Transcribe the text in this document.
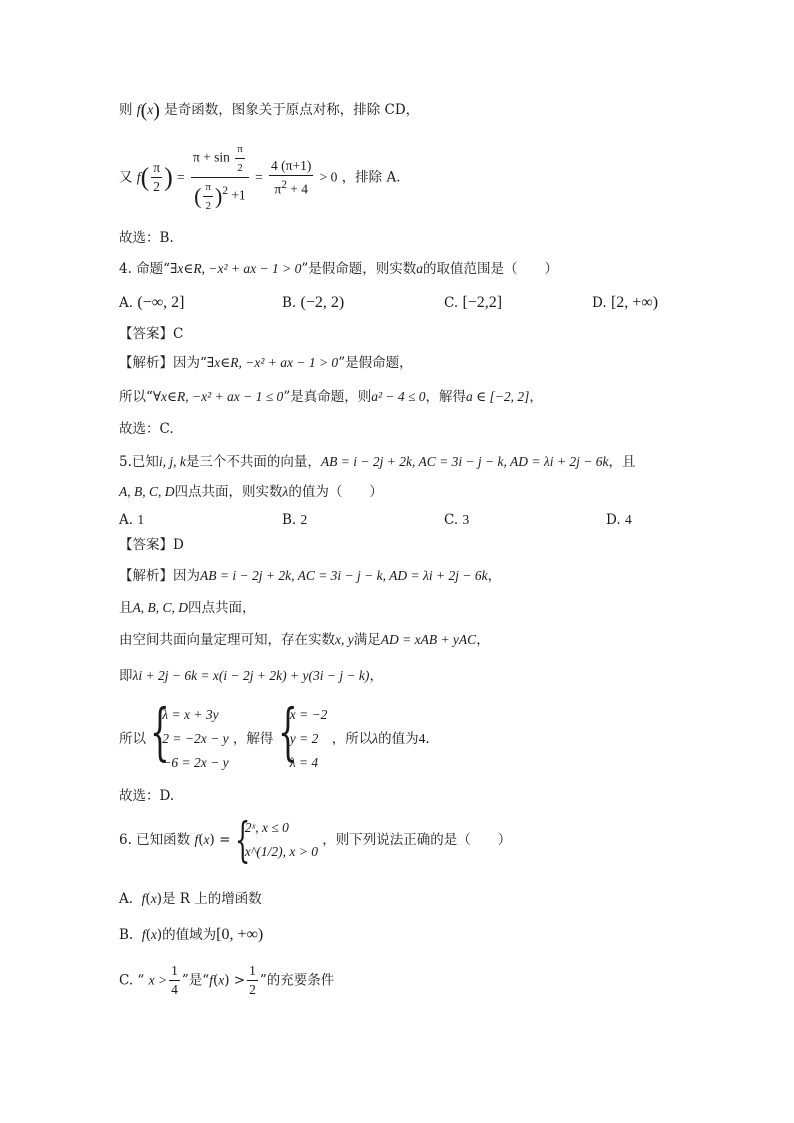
则 f(x) 是奇函数，图象关于原点对称，排除 CD，
又 $f( \frac{\pi}{2}$ ) = $\frac{\pi + \sin \frac{\pi}{2}}{( \frac{\pi}{2} )^2 +1} = \frac{4 (\pi+1)}{\pi^2 + 4} > 0$ ，排除 A.
故选：B.
4. 命题“∃x∈R, −x² + ax − 1 > 0”是假命题，则实数a的取值范围是（　　）
A. (−∞, 2]	B. (−2, 2)	C. [−2,2]	D. [2, +∞)
【答案】C
【解析】因为“∃x∈R, −x² + ax − 1 > 0”是假命题，
所以“∀x∈R, −x² + ax − 1 ≤ 0”是真命题，则a² − 4 ≤ 0，解得a ∈ [−2, 2]，
故选：C.
5.已知i, j, k是三个不共面的向量，AB = i − 2j + 2k, AC = 3i − j − k, AD = λi + 2j − 6k，且
A, B, C, D四点共面，则实数λ的值为（　　）
A. 1	B. 2	C. 3	D. 4
【答案】D
【解析】因为AB = i − 2j + 2k, AC = 3i − j − k, AD = λi + 2j − 6k，
且A, B, C, D四点共面，
由空间共面向量定理可知，存在实数x, y满足AD = xAB + yAC，
即λi + 2j − 6k = x(i − 2j + 2k) + y(3i − j − k)，
所以 {
λ = x + 3y
2 = −2x − y
−6 = 2x − y
，解得 {
x = −2
y = 2
λ = 4
，所以λ的值为4.
故选：D.
6. 已知函数 f(x) = {
2ˣ, x ≤ 0
x^(1/2), x > 0
，则下列说法正确的是（　　）
A. f(x)是 R 上的增函数
B. f(x)的值域为[0, +∞)
C. “ $x > \frac{1}{4}$ ”是“$f(x) > \frac{1}{2}$ ”的充要条件
